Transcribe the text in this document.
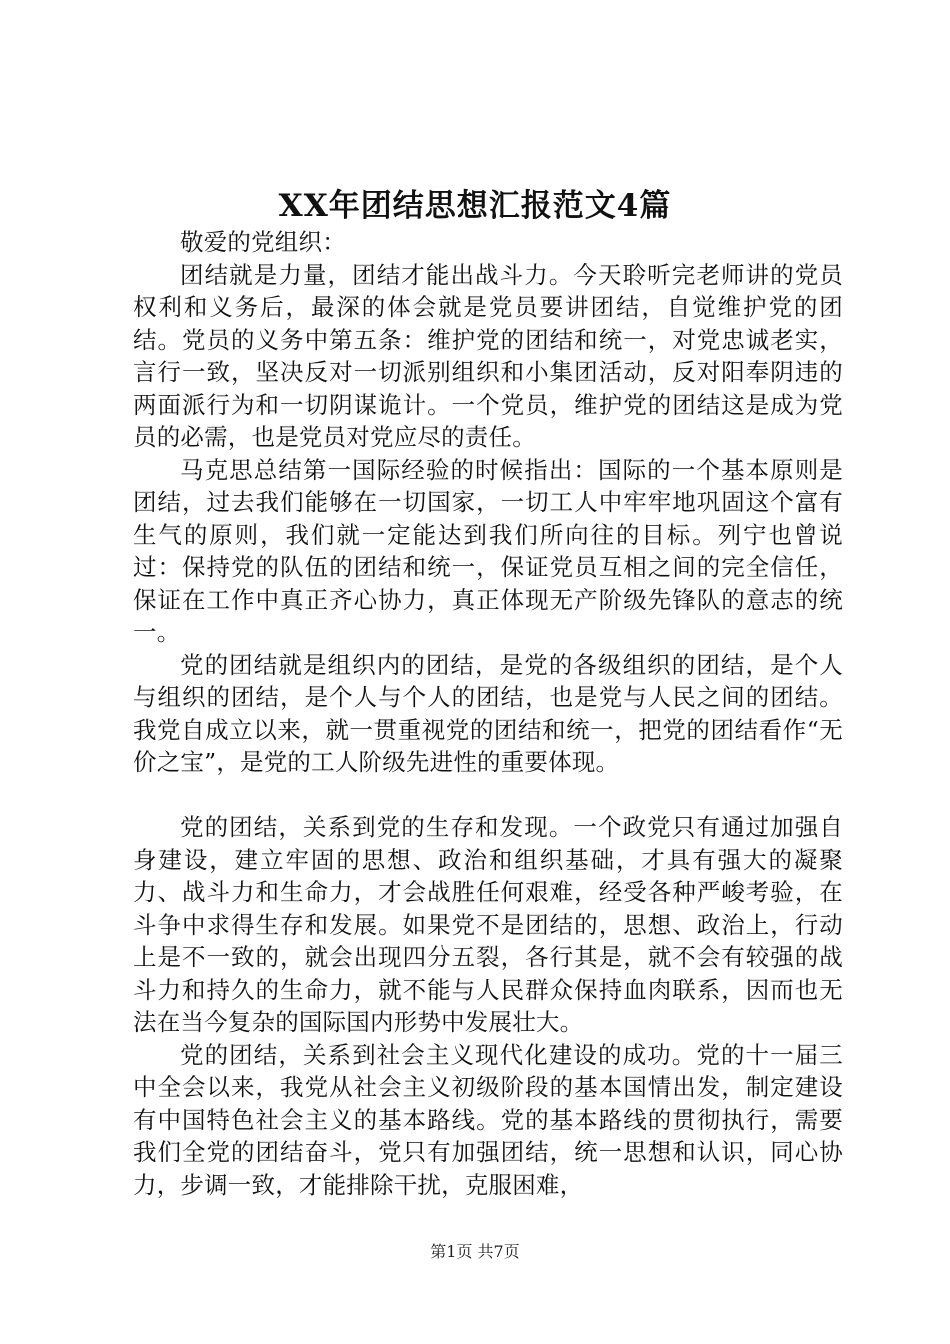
XX年团结思想汇报范文4篇

敬爱的党组织：

团结就是力量，团结才能出战斗力。今天聆听完老师讲的党员权利和义务后，最深的体会就是党员要讲团结，自觉维护党的团结。党员的义务中第五条：维护党的团结和统一，对党忠诚老实，言行一致，坚决反对一切派别组织和小集团活动，反对阳奉阴违的两面派行为和一切阴谋诡计。一个党员，维护党的团结这是成为党员的必需，也是党员对党应尽的责任。

马克思总结第一国际经验的时候指出：国际的一个基本原则是团结，过去我们能够在一切国家，一切工人中牢牢地巩固这个富有生气的原则，我们就一定能达到我们所向往的目标。列宁也曾说过：保持党的队伍的团结和统一，保证党员互相之间的完全信任，保证在工作中真正齐心协力，真正体现无产阶级先锋队的意志的统一。

党的团结就是组织内的团结，是党的各级组织的团结，是个人与组织的团结，是个人与个人的团结，也是党与人民之间的团结。我党自成立以来，就一贯重视党的团结和统一，把党的团结看作“无价之宝”，是党的工人阶级先进性的重要体现。

党的团结，关系到党的生存和发现。一个政党只有通过加强自身建设，建立牢固的思想、政治和组织基础，才具有强大的凝聚力、战斗力和生命力，才会战胜任何艰难，经受各种严峻考验，在斗争中求得生存和发展。如果党不是团结的，思想、政治上，行动上是不一致的，就会出现四分五裂，各行其是，就不会有较强的战斗力和持久的生命力，就不能与人民群众保持血肉联系，因而也无法在当今复杂的国际国内形势中发展壮大。

党的团结，关系到社会主义现代化建设的成功。党的十一届三中全会以来，我党从社会主义初级阶段的基本国情出发，制定建设有中国特色社会主义的基本路线。党的基本路线的贯彻执行，需要我们全党的团结奋斗，党只有加强团结，统一思想和认识，同心协力，步调一致，才能排除干扰，克服困难，

第1页 共7页
